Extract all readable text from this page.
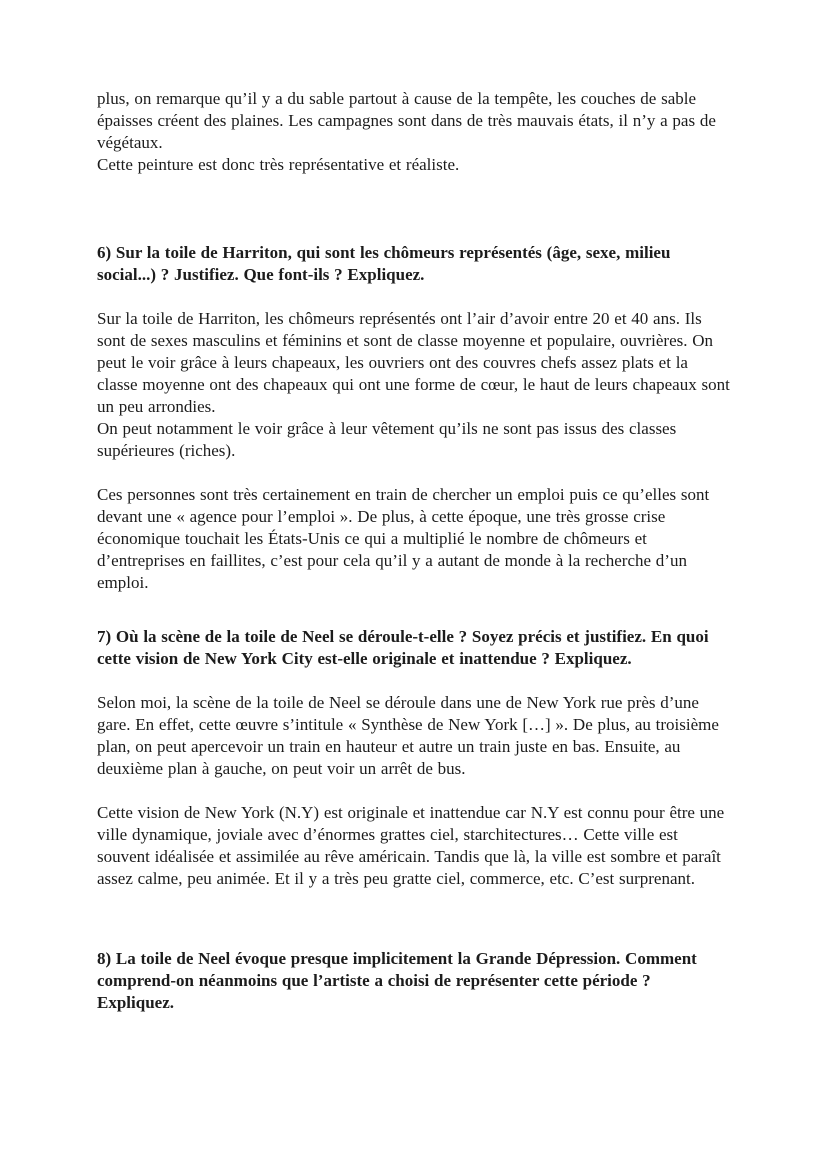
plus, on remarque qu’il y a du sable partout à cause de la tempête, les couches de sable épaisses créent des plaines. Les campagnes sont dans de très mauvais états, il n’y a pas de végétaux.

Cette peinture est donc très représentative et réaliste.

6) Sur la toile de Harriton, qui sont les chômeurs représentés (âge, sexe, milieu social...) ? Justifiez. Que font-ils ? Expliquez.

Sur la toile de Harriton, les chômeurs représentés ont l’air d’avoir entre 20 et 40 ans. Ils sont de sexes masculins et féminins et sont de classe moyenne et populaire, ouvrières. On peut le voir grâce à leurs chapeaux, les ouvriers ont des couvres chefs assez plats et la classe moyenne ont des chapeaux qui ont une forme de cœur, le haut de leurs chapeaux sont un peu arrondies.

On peut notamment le voir grâce à leur vêtement qu’ils ne sont pas issus des classes supérieures (riches).

Ces personnes sont très certainement en train de chercher un emploi puis ce qu’elles sont devant une « agence pour l’emploi ». De plus, à cette époque, une très grosse crise économique touchait les États-Unis ce qui a multiplié le nombre de chômeurs et d’entreprises en faillites, c’est pour cela qu’il y a autant de monde à la recherche d’un emploi.

7) Où la scène de la toile de Neel se déroule-t-elle ? Soyez précis et justifiez. En quoi cette vision de New York City est-elle originale et inattendue ? Expliquez.

Selon moi, la scène de la toile de Neel se déroule dans une de New York rue près d’une gare. En effet, cette œuvre s’intitule « Synthèse de New York […] ». De plus, au troisième plan, on peut apercevoir un train en hauteur et autre un train juste en bas. Ensuite, au deuxième plan à gauche, on peut voir un arrêt de bus.

Cette vision de New York (N.Y) est originale et inattendue car N.Y est connu pour être une ville dynamique, joviale avec d’énormes grattes ciel, starchitectures… Cette ville est souvent idéalisée et assimilée au rêve américain. Tandis que là, la ville est sombre et paraît assez calme, peu animée. Et il y a très peu gratte ciel, commerce, etc. C’est surprenant.

8) La toile de Neel évoque presque implicitement la Grande Dépression. Comment comprend-on néanmoins que l’artiste a choisi de représenter cette période ? Expliquez.
